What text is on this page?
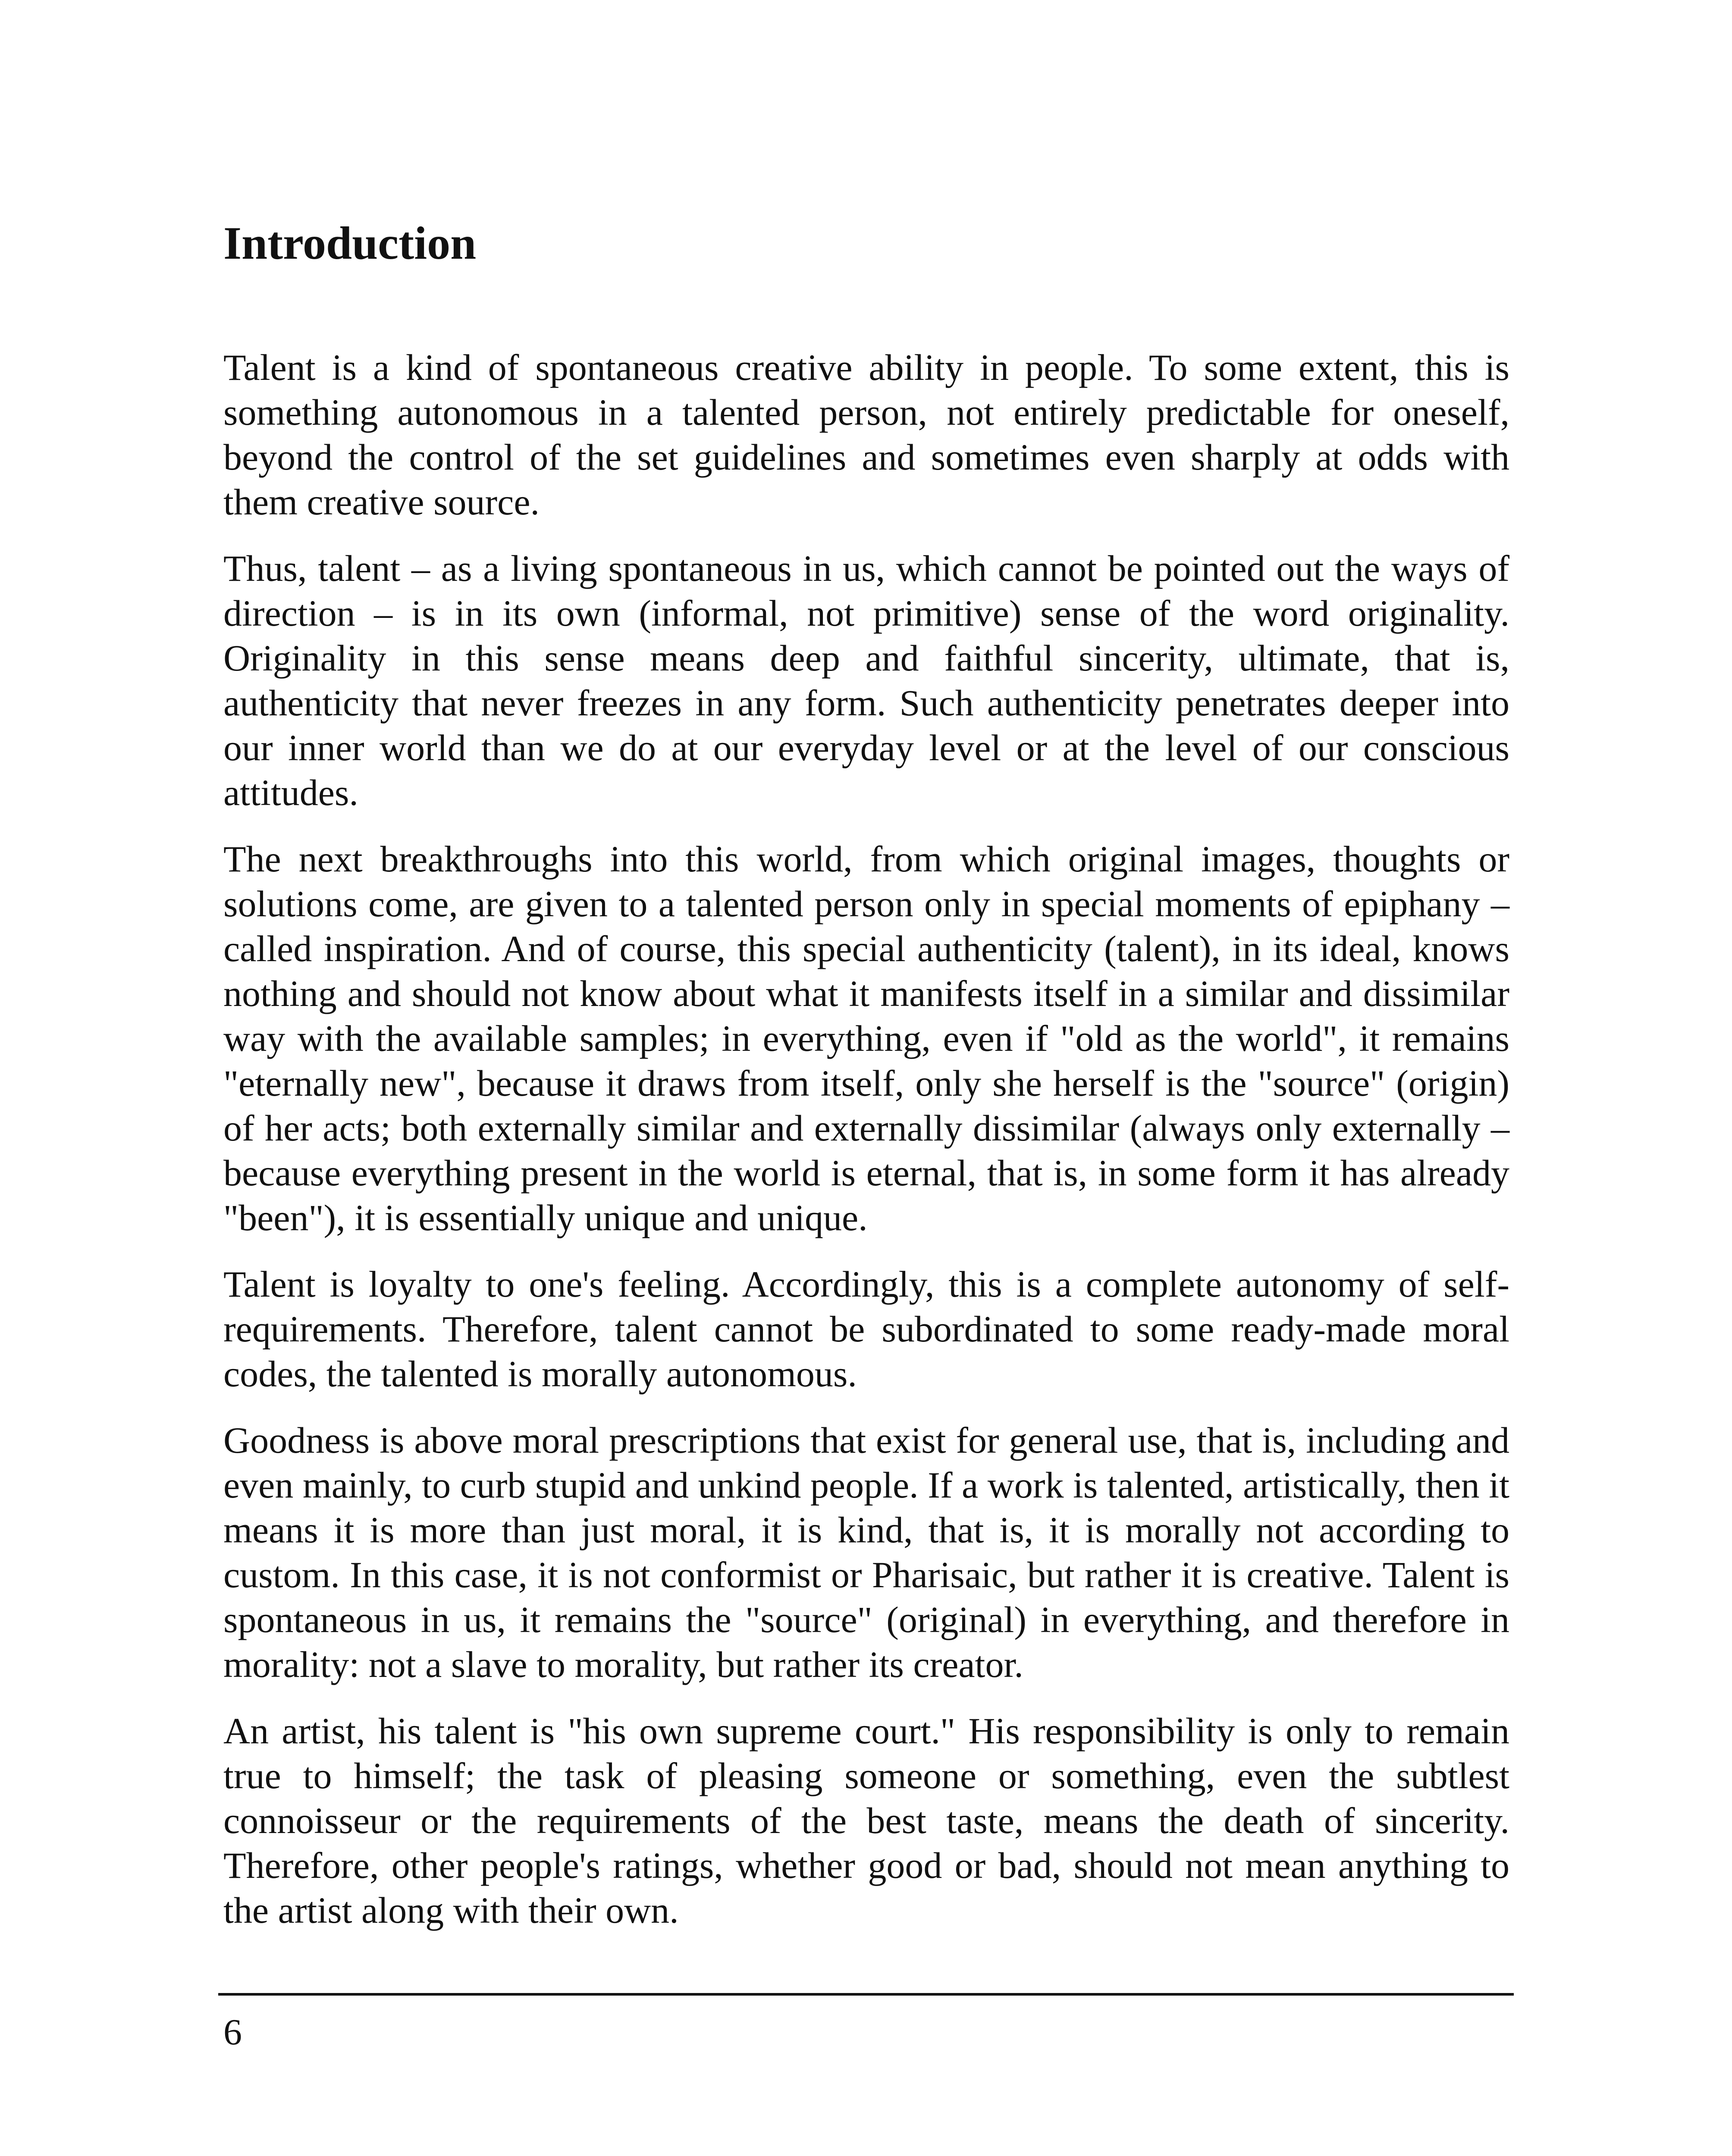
Introduction

Talent is a kind of spontaneous creative ability in people. To some extent, this is something autonomous in a talented person, not entirely predictable for oneself, beyond the control of the set guidelines and sometimes even sharply at odds with them creative source.

Thus, talent – as a living spontaneous in us, which cannot be pointed out the ways of direction – is in its own (informal, not primitive) sense of the word originality. Originality in this sense means deep and faithful sincerity, ultimate, that is, authenticity that never freezes in any form. Such authenticity penetrates deeper into our inner world than we do at our everyday level or at the level of our conscious attitudes.

The next breakthroughs into this world, from which original images, thoughts or solutions come, are given to a talented person only in special moments of epiphany – called inspiration. And of course, this special authenticity (talent), in its ideal, knows nothing and should not know about what it manifests itself in a similar and dissimilar way with the available samples; in everything, even if "old as the world", it remains "eternally new", because it draws from itself, only she herself is the "source" (origin) of her acts; both externally similar and externally dissimilar (always only externally – because everything present in the world is eternal, that is, in some form it has already "been"), it is essentially unique and unique.

Talent is loyalty to one's feeling. Accordingly, this is a complete autonomy of self-requirements. Therefore, talent cannot be subordinated to some ready-made moral codes, the talented is morally autonomous.

Goodness is above moral prescriptions that exist for general use, that is, including and even mainly, to curb stupid and unkind people. If a work is talented, artistically, then it means it is more than just moral, it is kind, that is, it is morally not according to custom. In this case, it is not conformist or Pharisaic, but rather it is creative. Talent is spontaneous in us, it remains the "source" (original) in everything, and therefore in morality: not a slave to morality, but rather its creator.

An artist, his talent is "his own supreme court." His responsibility is only to remain true to himself; the task of pleasing someone or something, even the subtlest connoisseur or the requirements of the best taste, means the death of sincerity. Therefore, other people's ratings, whether good or bad, should not mean anything to the artist along with their own.

6
